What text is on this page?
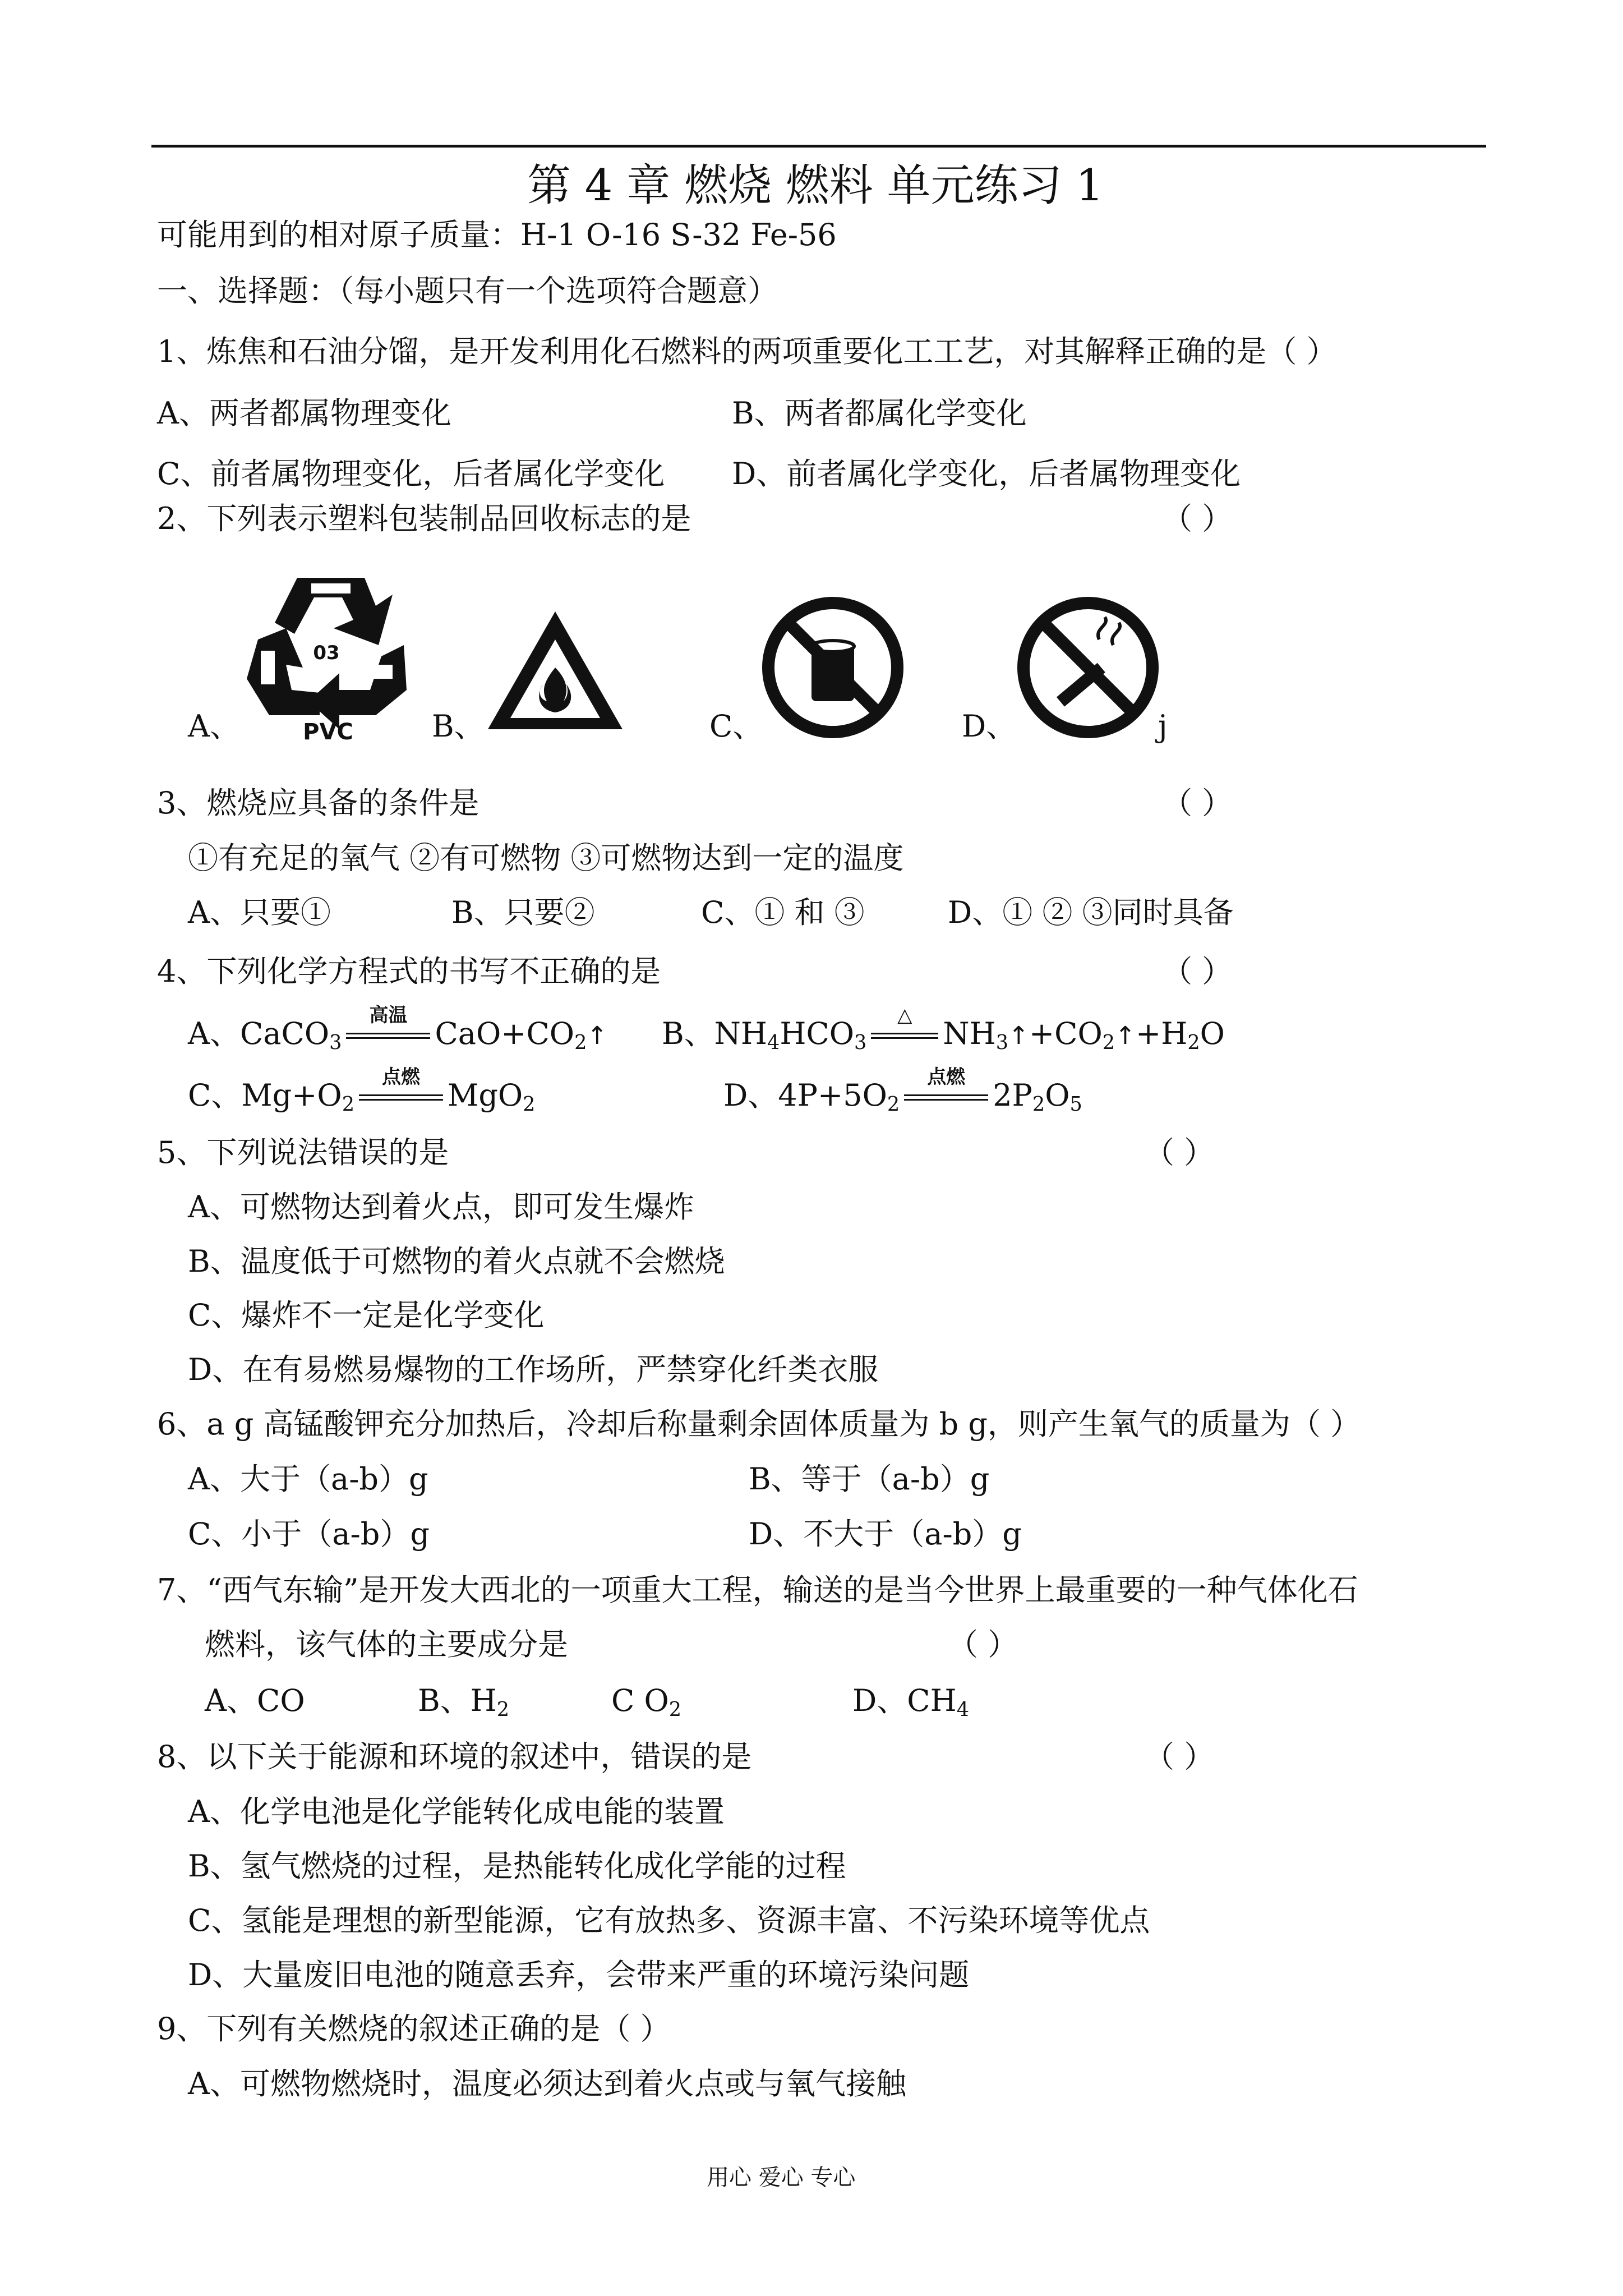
第 4 章 燃烧 燃料 单元练习 1
可能用到的相对原子质量：H-1 O-16 S-32 Fe-56
一、选择题：（每小题只有一个选项符合题意）
1、炼焦和石油分馏，是开发利用化石燃料的两项重要化工工艺，对其解释正确的是（ ）
A、两者都属物理变化	B、两者都属化学变化
C、前者属物理变化，后者属化学变化 D、前者属化学变化，后者属物理变化
2、下列表示塑料包装制品回收标志的是	（ ）
03
PVC
A、	B、	C、	D、	j
3、燃烧应具备的条件是	（ ）
①有充足的氧气 ②有可燃物 ③可燃物达到一定的温度
A、只要①	B、只要②	C、① 和 ③	D、① ② ③同时具备
4、下列化学方程式的书写不正确的是	（ ）
A、CaCO$_3$
高温
$CaO+CO_2↑$ B、$NH_4HCO_3$
△
$NH_3↑+CO_2↑+H_2O$
C、$Mg+O_2$
点燃
MgO$_2$	D、$4P+5O_2$
点燃
$2P_2O_5$
5、下列说法错误的是	（ ）
A、可燃物达到着火点，即可发生爆炸
B、温度低于可燃物的着火点就不会燃烧
C、爆炸不一定是化学变化
D、在有易燃易爆物的工作场所，严禁穿化纤类衣服
6、a g 高锰酸钾充分加热后，冷却后称量剩余固体质量为 b g，则产生氧气的质量为（ ）
A、大于（a-b）g	B、等于（a-b）g
C、小于（a-b）g	D、不大于（a-b）g
7、“西气东输”是开发大西北的一项重大工程，输送的是当今世界上最重要的一种气体化石
燃料，该气体的主要成分是	（ ）
A、CO	B、$H_2$	C $O_2$	D、$CH_4$
8、以下关于能源和环境的叙述中，错误的是	（ ）
A、化学电池是化学能转化成电能的装置
B、氢气燃烧的过程，是热能转化成化学能的过程
C、氢能是理想的新型能源，它有放热多、资源丰富、不污染环境等优点
D、大量废旧电池的随意丢弃，会带来严重的环境污染问题
9、下列有关燃烧的叙述正确的是（ ）
A、可燃物燃烧时，温度必须达到着火点或与氧气接触
用心 爱心 专心
